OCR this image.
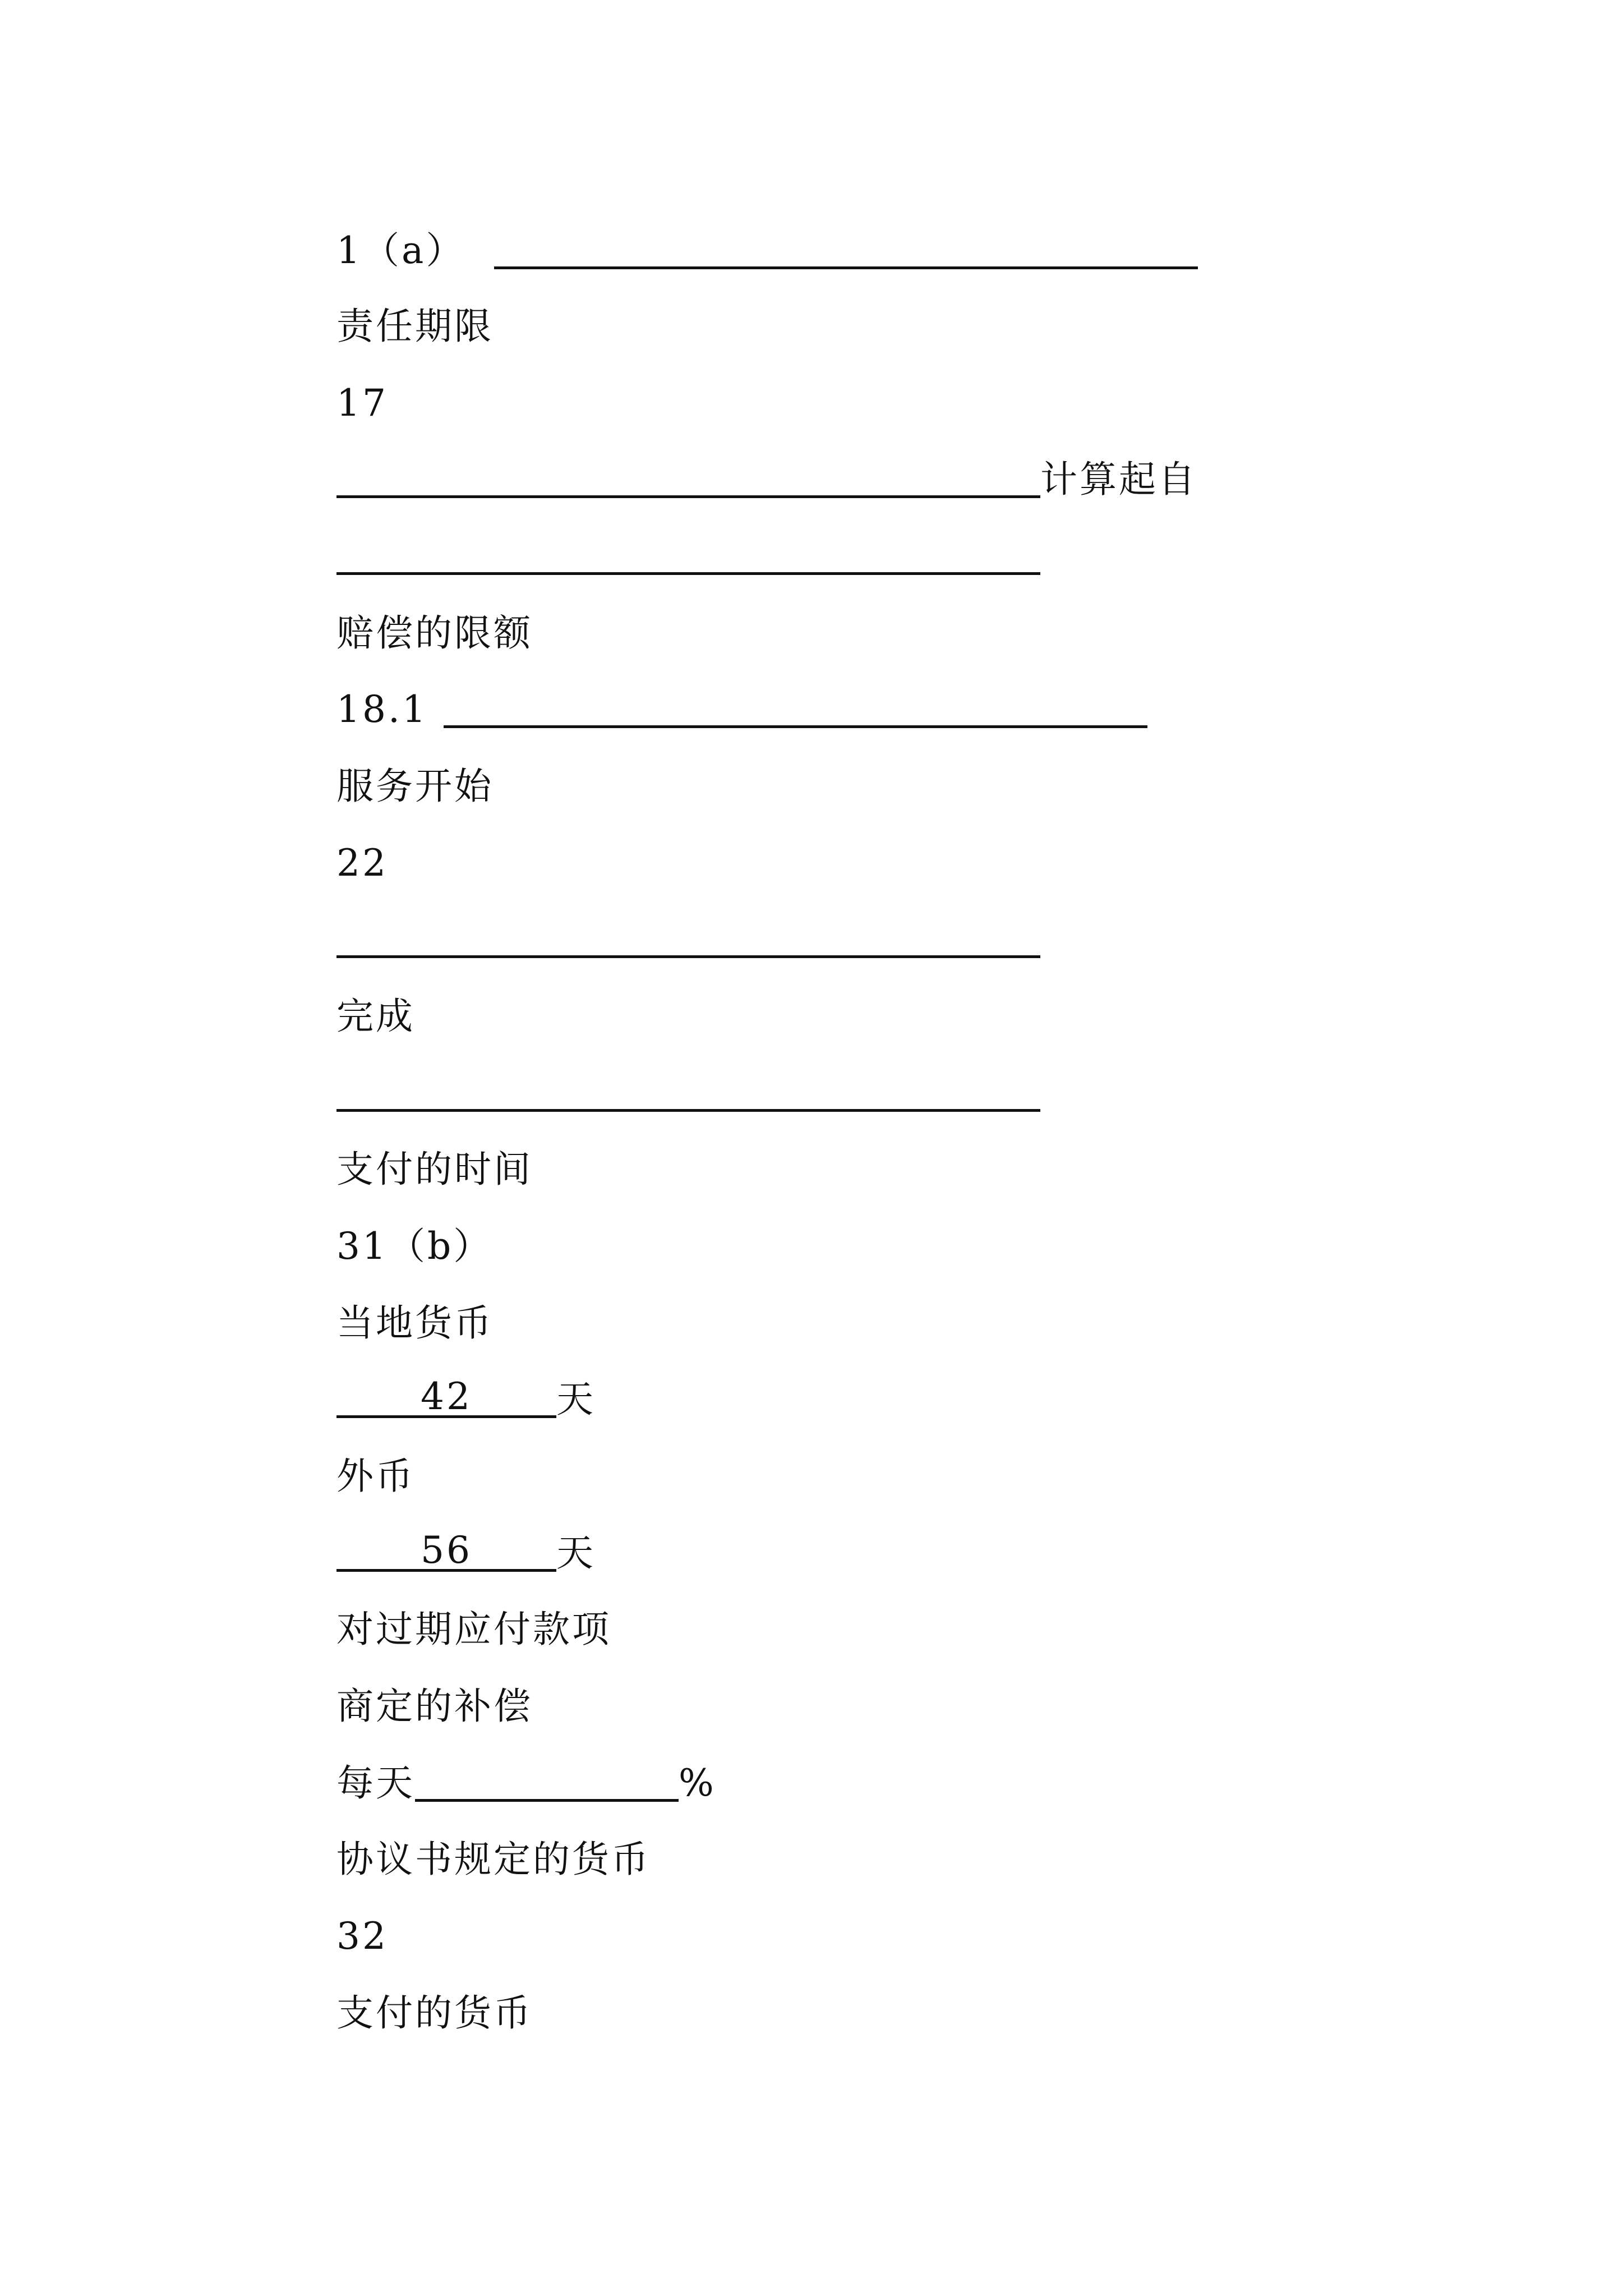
1（a）
责任期限
17
计算起自
赔偿的限额
18.1
服务开始
22
完成
支付的时间
31（b）
当地货币
42 天
外币
56 天
对过期应付款项
商定的补偿
每天	%
协议书规定的货币
32
支付的货币
